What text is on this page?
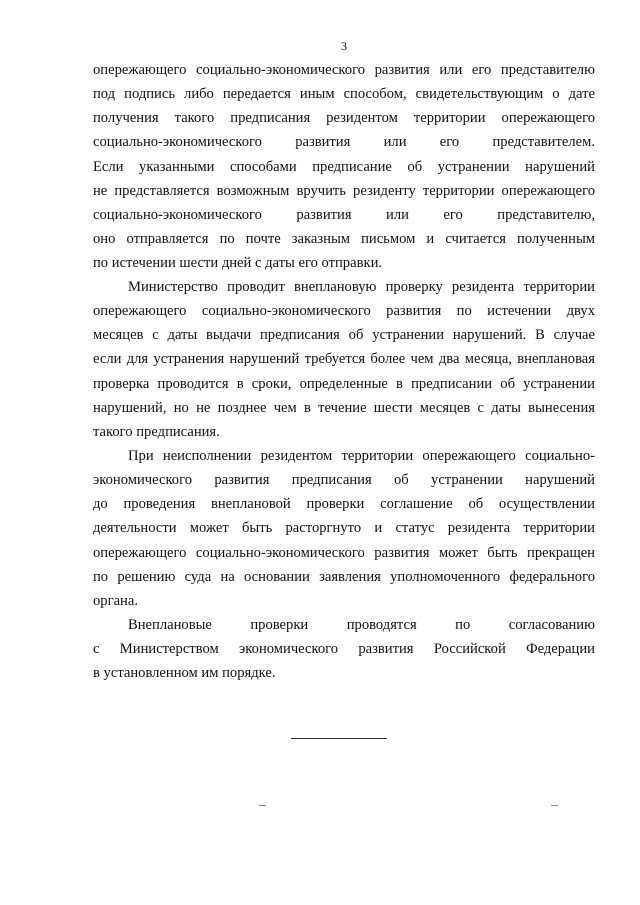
3
опережающего социально-экономического развития или его представителю
под подпись либо передается иным способом, свидетельствующим о дате
получения такого предписания резидентом территории опережающего
социально-экономического развития или его представителем.
Если указанными способами предписание об устранении нарушений
не представляется возможным вручить резиденту территории опережающего
социально-экономического развития или его представителю,
оно отправляется по почте заказным письмом и считается полученным
по истечении шести дней с даты его отправки.
Министерство проводит внеплановую проверку резидента территории
опережающего социально-экономического развития по истечении двух
месяцев с даты выдачи предписания об устранении нарушений. В случае
если для устранения нарушений требуется более чем два месяца, внеплановая
проверка проводится в сроки, определенные в предписании об устранении
нарушений, но не позднее чем в течение шести месяцев с даты вынесения
такого предписания.
При неисполнении резидентом территории опережающего социально-
экономического развития предписания об устранении нарушений
до проведения внеплановой проверки соглашение об осуществлении
деятельности может быть расторгнуто и статус резидента территории
опережающего социально-экономического развития может быть прекращен
по решению суда на основании заявления уполномоченного федерального
органа.
Внеплановые проверки проводятся по согласованию
с Министерством экономического развития Российской Федерации
в установленном им порядке.
